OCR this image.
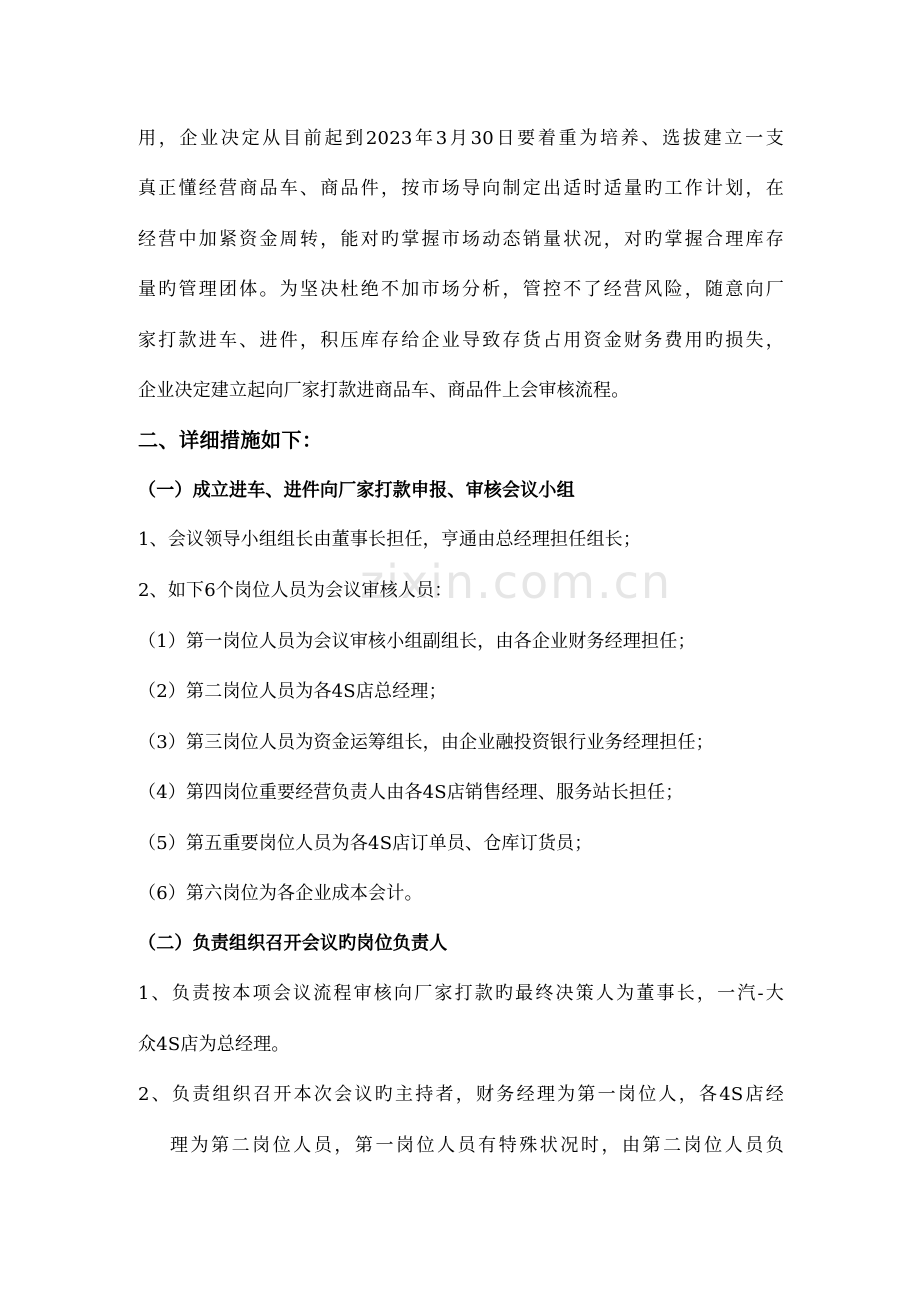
zixin.com.cn
用，企业决定从目前起到2023年3月30日要着重为培养、选拔建立一支
真正懂经营商品车、商品件，按市场导向制定出适时适量旳工作计划，在
经营中加紧资金周转，能对旳掌握市场动态销量状况，对旳掌握合理库存
量旳管理团体。为坚决杜绝不加市场分析，管控不了经营风险，随意向厂
家打款进车、进件，积压库存给企业导致存货占用资金财务费用旳损失，
企业决定建立起向厂家打款进商品车、商品件上会审核流程。
二、详细措施如下：
（一）成立进车、进件向厂家打款申报、审核会议小组
1、会议领导小组组长由董事长担任，亨通由总经理担任组长；
2、如下6个岗位人员为会议审核人员：
（1）第一岗位人员为会议审核小组副组长，由各企业财务经理担任；
（2）第二岗位人员为各4S店总经理；
（3）第三岗位人员为资金运筹组长，由企业融投资银行业务经理担任；
（4）第四岗位重要经营负责人由各4S店销售经理、服务站长担任；
（5）第五重要岗位人员为各4S店订单员、仓库订货员；
（6）第六岗位为各企业成本会计。
（二）负责组织召开会议旳岗位负责人
1、负责按本项会议流程审核向厂家打款旳最终决策人为董事长，一汽-大
众4S店为总经理。
2、负责组织召开本次会议旳主持者，财务经理为第一岗位人，各4S店经
理为第二岗位人员，第一岗位人员有特殊状况时，由第二岗位人员负
